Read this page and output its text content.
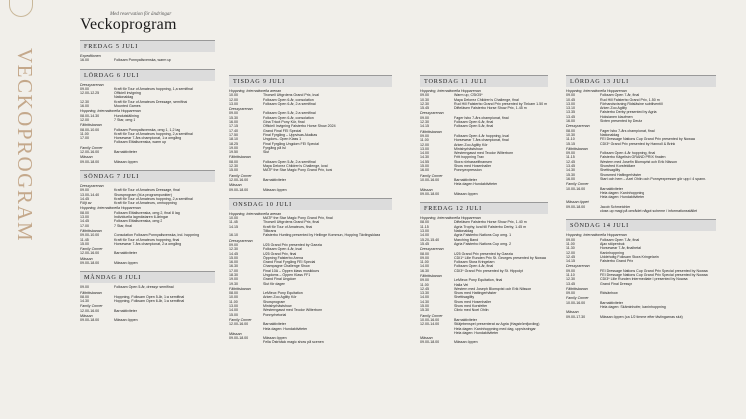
VECKOPROGRAM
Med reservation för ändringar
Veckoprogram
FREDAG 5 JULI
Expeditionen
16.00	Folksam Ponnyallsvenska, warm up
LÖRDAG 6 JULI
Dressyrarenan
09.00	Kraft för Tour of Amateurs hoppning, 1,a semifinal
12.00-12.25	Officiell invigning
Nationaldag
12.30	Kraft för Tour of Amateurs Dressage, semifinal
16.00	Mounted Games
Hoppning, Internationella Hopparenan
08.00-14.30	Hundutställning
12.00	7 Star, omg 1
Fältrittsbanan
08.00-10.00	Folksam Ponnyallsvenska, omg 1, 1,2 lag
11.00	Kraft för Tour of Amateurs hoppning, 2,a semifinal
17.00	Horsewear 7-års championat, 1:a omgång
Folksam Elitallsvenska, warm up
Family Corner
12.00-16.00	Barnaktiviteter
Mässan
09.00-18.00	Mässan öppen
SÖNDAG 7 JULI
Dressyrarenan
09.00	Kraft för Tour of Amateurs Dressage, final
13.00-14.40	Showprogram (bl.a programpunkter)
14.45	Kraft för Tour of Amateurs hoppning, 2,a semifinal
Följt av	Kraft för Tour of Amateurs, omhoppning
Hoppning, Internationella Hopparenan
08.00	Folksam Elitallsvenska, omg 2, final 8 lag
13.00	Individuella lagmästaren 6-åringar
14.45	Folksam Elitallsvenska, omg 2
17.00	7 Star, final
Fältrittsbanan
09.00-10.00	Consolation Folksam Ponnyallsvenska, ind. hoppning
11.45	Kraft för Tour of Amateurs hoppning, final
15.00	Horsewear 7-års championat, 2:a omgång
Family Corner
12.00-16.00	Barnaktiviteter
Mässan
09.00-18.00	Mässan öppen
MÅNDAG 8 JULI
09.00	Folksam Open 5-år, dressyr semifinal
Fältrittsbanan
08.00	Hoppning, Folksam Open 5-år, 1:a semifinal
14.30	Hoppning, Folksam Open 6-år, 1:a semifinal
Family Corner
12.00-16.00	Barnaktiviteter
Mässan
09.00-18.00	Mässan öppen
TISDAG 9 JULI
Hoppning, Internationella arenan
10.00	Thorsell Uttgrdens Grand Prix, kval
12.00	Folksam Open 6-år, consolation
13.00	Folksam Open 6-år, 2:a semifinal
Dressyrarenan
09.00	Folksam Open 5-år, 2:a semifinal
15.30	Folksam Open 6-år, consolation
16.00	Gina Tricot Pony Kür, final
17.15	Officiell Invigning Falsterbo Horse Show 2024
17.40	Grand Final FEI Special
17.50	Final Fyrgång – Uppvisas Akalkas
18.10	Ungdom– Open Klass 1
18.25	Final Fyrgång Ungdom FEI Special
19.00	Fyrgång på Isl
19.50	Slut
Fältrittsbanan
08.00	Folksam Open 5-år, 2:a semifinal
12.30	Maya Delorez Children's Challenge, kval
15.00	MATF the Star Magic Pony Grand Prix, kval
Family Corner
12.00-16.00	Barnaktiviteter
Mässan
09.00-18.00	Mässan öppen
ONSDAG 10 JULI
Hoppning, Internationella arenan
10.00	MATF the Star Magic Pony Grand Prix, final
11.45	Thorsell Uttgrdens Grand Prix, final
14.15	Kraft för Tour of Amateurs, final
Tillkrans
16.10	Falsterbo Hunting presented by Hellinge Kommun, Hopping Tävlingsklass
Dressyrarenan
09.00	U25 Grand Prix presented by Gaezia
12.30	Folksam Open 4-år, kval
14.45	U25 Grand Prix, final
15.00	Öppning Falsterbo Arena
16.00	Grand Final Fyrgång FEI Special
16.30	Champagne Challenge Show
17.00	Final 10A – Öppen klass musikkurs
18.30	Ungdoms – Öppen Klass FF1
19.00	Grand Final Ungdom
19.30	Slut för dagen
Fältrittsbanan
08.00	LeMieux Pony Equitation
10.00	Arken Zoo Agility Kör
11.00	Showprogram
13.00	Minishyrhästshow
14.00	Westerngasst med Teodor Wilterborn
15.00	Ponnyrhetorial
Family Corner
12.00-16.00	Barnaktiviteter
Hela dagen: Hundaktiviteter
Mässan
09.00-18.00	Mässan öppen
Fella Östrbäck magic show på scenen
TORSDAG 11 JULI
Hoppning, Internationella Hopparenan
09.00	Warm up, CSIO5*
10.30	Maya Delorez Children's Challenge, final
12.30	Rud Hill Falsterbo Grand Prix presented by Tinkam 1.50 m
15.45	Difteläsen Falsterbo Horse Show Prix, 1.45 m
Dressyrarenan
09.00	Fager Isbo 7-års championat, final
12.30	Folksam Open 6-år, final
14.15	Folksam Open 5-år, final
Fältrittsbanan
09.00	Folksam Open 4-år hoppning, kval
11.00	Horsewear 7-års championat, final
12.00	Arken Zoo Agility Kör
13.00	Minishyrhästshow
14.00	Westerngasst med Teodor Wilterborn
14.30	Fritt hoppning Trav
14.55	Stora rörhasselfinansen
15.00	Show med Hosenhaller
16.00	Ponnyexpression
Family Corner
10.00-16.00	Barnaktiviteter
Hela dagen Hundaktiviteter
Mässan
09.00-18.00	Mässan öppen
FREDAG 12 JULI
Hoppning, Internationella Hopparenan
08.00	Difteläsen Falsterbo Horse Show Prix, 1.40 m
11.15	Agria Trophy, kval till Falsterbo Derby, 1.45 m
13.00	Nationaldag
14.00	Agria Falsterbo Nations Cup omg. 1
15.20-15.40	Marching Band
15.45	Agria Falsterbo Nations Cup omg. 2
Dressyrarenan
08.00	U25 Grand Prix presented by Gaezia
09.00	CDI1* Lille Runden Prix St. Georges presented by Nowaa
11.00	Folksam Stora Kringelarn
14.00	Folksam Open 4-år, final
16.30	CDI3* Grand Prix presented by St. Hippolyt
Fältrittsbanan
09.00	LeMieux Pony Equitation, final
11.00	Halla Vei
12.45	Western med Joseph Blomqvist och Erik Nilsson
13.30	Show med Hattingerhäster
14.00	Shettisagility
14.30	Show med Hosenhaller
15.00	Show med Korsfelter
15.30	Clinic med Noel Ohlin
Family Corner
10.00-16.00	Barnaktiviteter
12.00-14.00	Stiäjebenspel presenterat av Agria (Hagströmfjording)
Hela dagen: Kaninhoppning med dag, uppvisningar
Hela dagen: Hundaktiviteter
Mässan
09.00-18.00	Mässan öppen
LÖRDAG 13 JULI
Hoppning, Internationella Hopparenan
09.00	Folksam Open 7-år, final
10.45	Rud Hill Falsterbo Grand Prix, 1.50 m
13.00	Förhandsvisning Ridsläsine subtilventill
13.10	Arken Zoo Agility
13.35	Falsterbo Derby presented by Agria
13.45	Hoksianen klaufmen
16.00	Sixten presented by Deutz
Dressyrarenan
08.00	Fager Isbo 7-års championat, final
10.30	Nationaldag
11.10	FEI Dressage Nations Cup Grand Prix presented by Nowaa
15.15	CDI3* Grand Prix presented by Hannoll & Brink
Fältrittsbanan
09.00	Folksam Open 4-år hoppning, final
11.15	Falsterbo Kägelisin GRAND PRIX finalen
12.45	Western med Josefin Blomqvist och Erik Nilsson
13.45	Showfred Korsfeldlare
14.30	Shettisagility
15.30	Showmed Haflingerhäster
16.00	Start och hem – Axel Ohlin och Ponnyexpresser gör upp i 4 spann.
Family Corner
10.00-16.00	Barnaktiviteter
Hela dagen: Kaninhoppning
Hela dagen: Hundaktiviteter
Mässan öppet
09.00-18.00	Jacob Schmeichler
close-up magi på området något scheme / informationsstället
SÖNDAG 14 JULI
Hoppning, Internationella Hopparenan
09.00	Folksam Open 7-år, final
11.00	Ajax stöpenbuk
11.30	Horsewear 7-år, finalhetal
12.00	Kaninhoppning
12.45	Uddeholtg Folksam Stora Kringelarin
14.15	Falsterbo Grand Prix
Dressyrarenan
09.00	FEI Dressage Nations Cup Grand Prix Special presented by Nowaa
11.10	FEI Dressage Nations Cup Grand Prix Special presented by Nowaa
12.30	CDI3* Lille Runden Intermediate I presented by Nowaa
13.45	Grand Final Dressyr
Fältrittsbanan
09.00	Ridsänhow
Family Corner
10.00-16.00	Barnaktiviteter
Hela dagen: Skäminhofer, kaninhoppning
Mässan
09.00-17.30	Mässan öppen (ca 1/2 timme efter tävlingarnas slut)
